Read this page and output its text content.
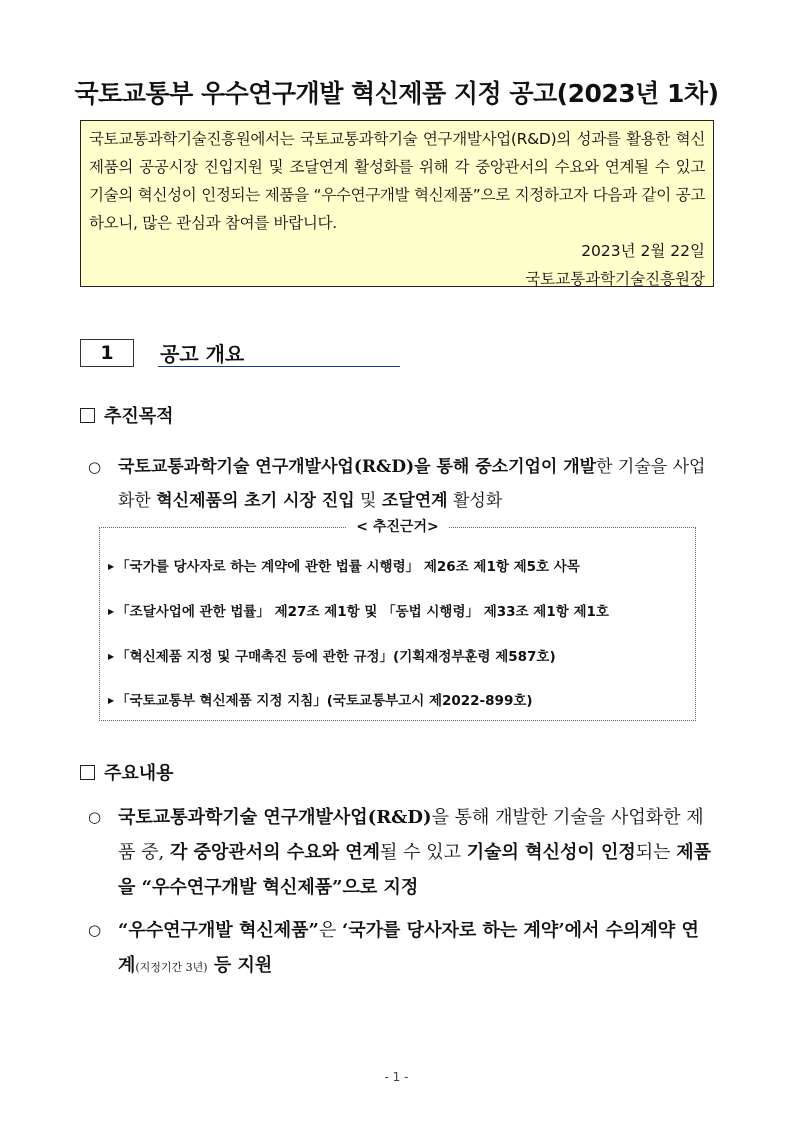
국토교통부 우수연구개발 혁신제품 지정 공고(2023년 1차)
국토교통과학기술진흥원에서는 국토교통과학기술 연구개발사업(R&D)의 성과를 활용한 혁신제품의 공공시장 진입지원 및 조달연계 활성화를 위해 각 중앙관서의 수요와 연계될 수 있고 기술의 혁신성이 인정되는 제품을 “우수연구개발 혁신제품”으로 지정하고자 다음과 같이 공고하오니, 많은 관심과 참여를 바랍니다.
2023년 2월 22일
국토교통과학기술진흥원장
1	공고 개요
추진목적
○ 국토교통과학기술 연구개발사업(R&D)을 통해 중소기업이 개발한 기술을 사업화한 혁신제품의 초기 시장 진입 및 조달연계 활성화
< 추진근거>
▶ 「국가를 당사자로 하는 계약에 관한 법률 시행령」 제26조 제1항 제5호 사목
▶ 「조달사업에 관한 법률」 제27조 제1항 및 「동법 시행령」 제33조 제1항 제1호
▶ 「혁신제품 지정 및 구매촉진 등에 관한 규정」(기획재정부훈령 제587호)
▶ 「국토교통부 혁신제품 지정 지침」(국토교통부고시 제2022-899호)
주요내용
○ 국토교통과학기술 연구개발사업(R&D)을 통해 개발한 기술을 사업화한 제품 중, 각 중앙관서의 수요와 연계될 수 있고 기술의 혁신성이 인정되는 제품을 “우수연구개발 혁신제품”으로 지정
○ “우수연구개발 혁신제품”은 ‘국가를 당사자로 하는 계약’에서 수의계약 연계(지정기간 3년) 등 지원
- 1 -
